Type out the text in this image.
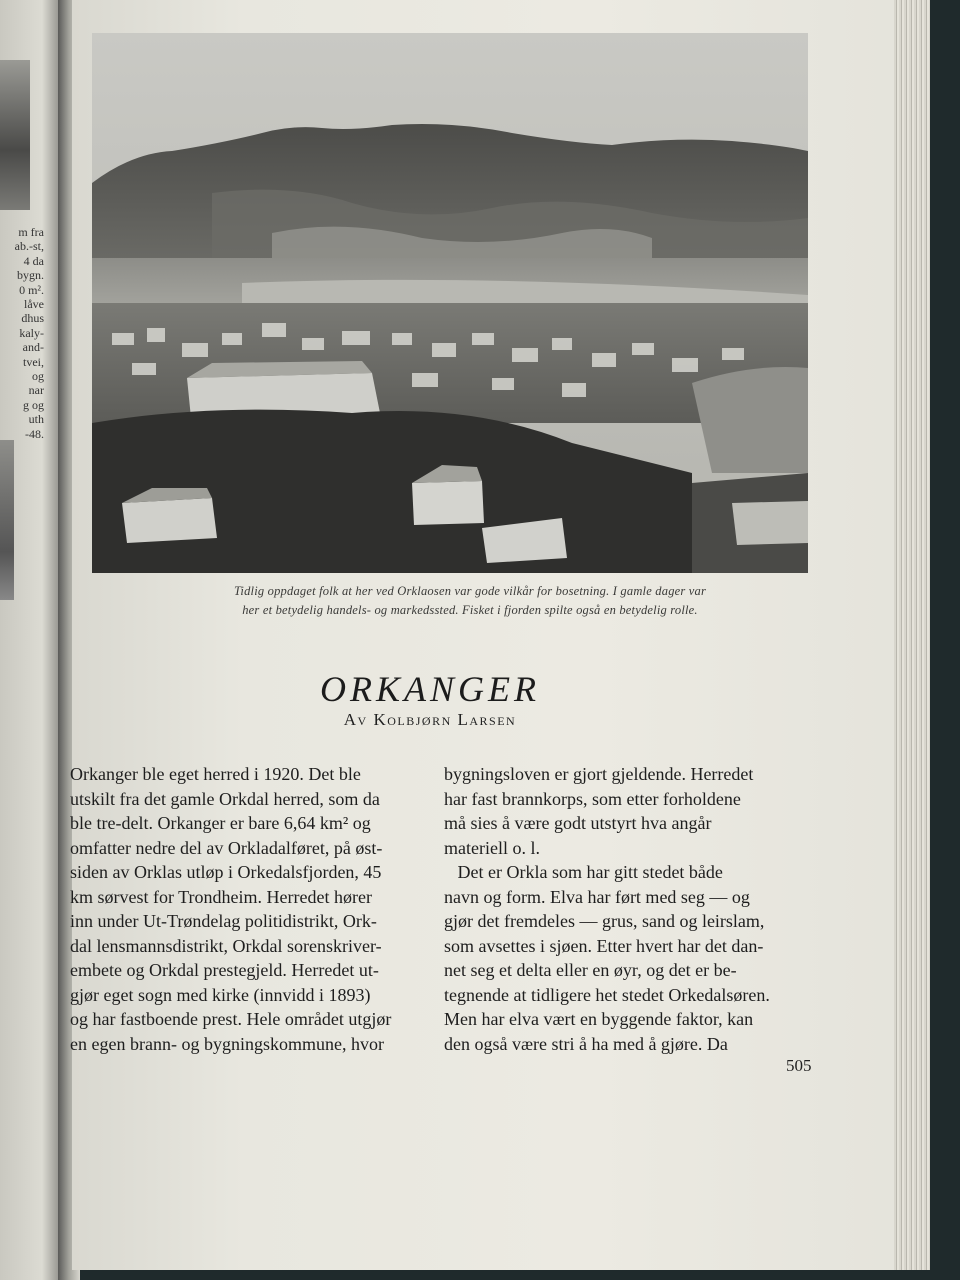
m fra
ab.-st,
4 da
bygn.
0 m².
låve
dhus
kaly-
and-
tvei,
og
nar
g og
uth
-48.
Tidlig oppdaget folk at her ved Orklaosen var gode vilkår for bosetning. I gamle dager var
her et betydelig handels- og markedssted. Fisket i fjorden spilte også en betydelig rolle.
ORKANGER
Av Kolbjørn Larsen

Orkanger ble eget herred i 1920. Det ble

utskilt fra det gamle Orkdal herred, som da

ble tre-delt. Orkanger er bare 6,64 km² og

omfatter nedre del av Orkladalføret, på øst-

siden av Orklas utløp i Orkedalsfjorden, 45

km sørvest for Trondheim. Herredet hører

inn under Ut-Trøndelag politidistrikt, Ork-

dal lensmannsdistrikt, Orkdal sorenskriver-

embete og Orkdal prestegjeld. Herredet ut-

gjør eget sogn med kirke (innvidd i 1893)

og har fastboende prest. Hele området utgjør

en egen brann- og bygningskommune, hvor

bygningsloven er gjort gjeldende. Herredet

har fast brannkorps, som etter forholdene

må sies å være godt utstyrt hva angår

materiell o. l.

Det er Orkla som har gitt stedet både

navn og form. Elva har ført med seg — og

gjør det fremdeles — grus, sand og leirslam,

som avsettes i sjøen. Etter hvert har det dan-

net seg et delta eller en øyr, og det er be-

tegnende at tidligere het stedet Orkedalsøren.

Men har elva vært en byggende faktor, kan

den også være stri å ha med å gjøre. Da

505
